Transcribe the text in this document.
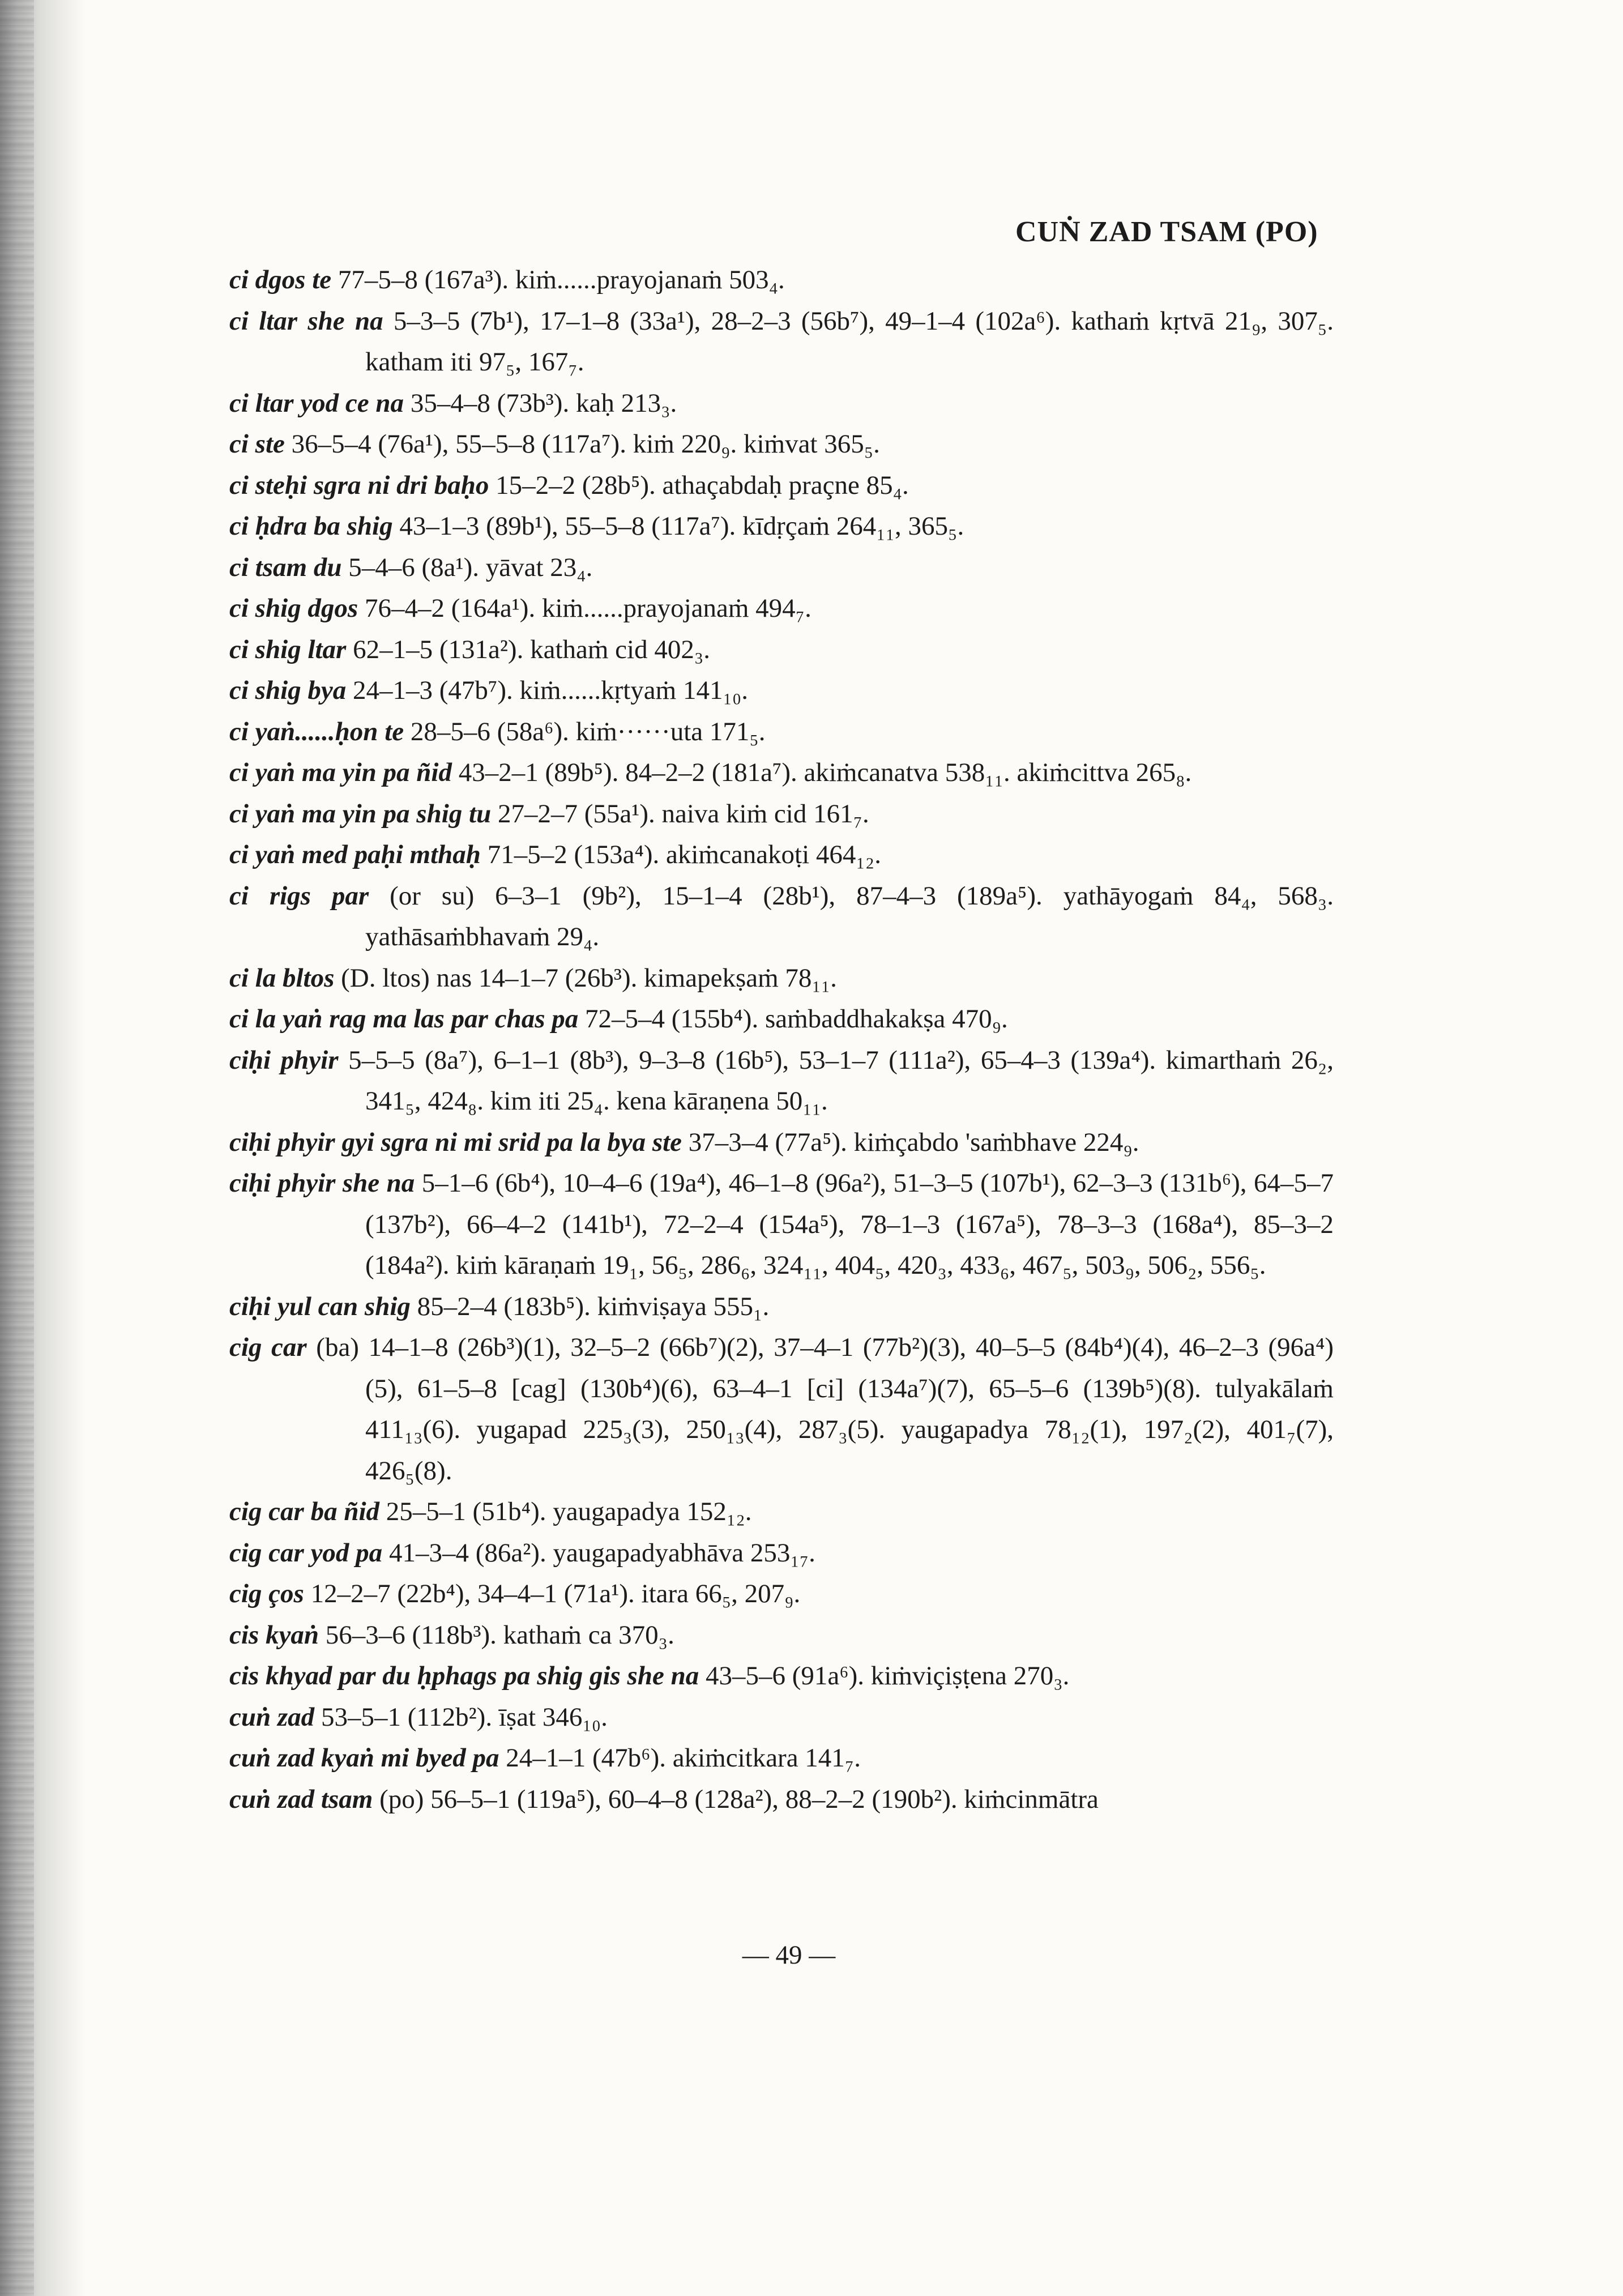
CUṄ ZAD TSAM (PO)

ci dgos te 77–5–8 (167a³). kiṁ......prayojanaṁ 503₄.

ci ltar she na 5–3–5 (7b¹), 17–1–8 (33a¹), 28–2–3 (56b⁷), 49–1–4 (102a⁶). kathaṁ kṛtvā 21₉, 307₅. katham iti 97₅, 167₇.

ci ltar yod ce na 35–4–8 (73b³). kaḥ 213₃.

ci ste 36–5–4 (76a¹), 55–5–8 (117a⁷). kiṁ 220₉. kiṁvat 365₅.

ci steḥi sgra ni dri baḥo 15–2–2 (28b⁵). athaçabdaḥ praçne 85₄.

ci ḥdra ba shig 43–1–3 (89b¹), 55–5–8 (117a⁷). kīdṛçaṁ 264₁₁, 365₅.

ci tsam du 5–4–6 (8a¹). yāvat 23₄.

ci shig dgos 76–4–2 (164a¹). kiṁ......prayojanaṁ 494₇.

ci shig ltar 62–1–5 (131a²). kathaṁ cid 402₃.

ci shig bya 24–1–3 (47b⁷). kiṁ......kṛtyaṁ 141₁₀.

ci yaṅ......ḥon te 28–5–6 (58a⁶). kiṁ······uta 171₅.

ci yaṅ ma yin pa ñid 43–2–1 (89b⁵). 84–2–2 (181a⁷). akiṁcanatva 538₁₁. akiṁcittva 265₈.

ci yaṅ ma yin pa shig tu 27–2–7 (55a¹). naiva kiṁ cid 161₇.

ci yaṅ med paḥi mthaḥ 71–5–2 (153a⁴). akiṁcanakoṭi 464₁₂.

ci rigs par (or su) 6–3–1 (9b²), 15–1–4 (28b¹), 87–4–3 (189a⁵). yathāyogaṁ 84₄, 568₃. yathāsaṁbhavaṁ 29₄.

ci la bltos (D. ltos) nas 14–1–7 (26b³). kimapekṣaṁ 78₁₁.

ci la yaṅ rag ma las par chas pa 72–5–4 (155b⁴). saṁbaddhakakṣa 470₉.

ciḥi phyir 5–5–5 (8a⁷), 6–1–1 (8b³), 9–3–8 (16b⁵), 53–1–7 (111a²), 65–4–3 (139a⁴). kimarthaṁ 26₂, 341₅, 424₈. kim iti 25₄. kena kāraṇena 50₁₁.

ciḥi phyir gyi sgra ni mi srid pa la bya ste 37–3–4 (77a⁵). kiṁçabdo 'saṁbhave 224₉.

ciḥi phyir she na 5–1–6 (6b⁴), 10–4–6 (19a⁴), 46–1–8 (96a²), 51–3–5 (107b¹), 62–3–3 (131b⁶), 64–5–7 (137b²), 66–4–2 (141b¹), 72–2–4 (154a⁵), 78–1–3 (167a⁵), 78–3–3 (168a⁴), 85–3–2 (184a²). kiṁ kāraṇaṁ 19₁, 56₅, 286₆, 324₁₁, 404₅, 420₃, 433₆, 467₅, 503₉, 506₂, 556₅.

ciḥi yul can shig 85–2–4 (183b⁵). kiṁviṣaya 555₁.

cig car (ba) 14–1–8 (26b³)(1), 32–5–2 (66b⁷)(2), 37–4–1 (77b²)(3), 40–5–5 (84b⁴)(4), 46–2–3 (96a⁴)(5), 61–5–8 [cag] (130b⁴)(6), 63–4–1 [ci] (134a⁷)(7), 65–5–6 (139b⁵)(8). tulyakālaṁ 411₁₃(6). yugapad 225₃(3), 250₁₃(4), 287₃(5). yaugapadya 78₁₂(1), 197₂(2), 401₇(7), 426₅(8).

cig car ba ñid 25–5–1 (51b⁴). yaugapadya 152₁₂.

cig car yod pa 41–3–4 (86a²). yaugapadyabhāva 253₁₇.

cig ços 12–2–7 (22b⁴), 34–4–1 (71a¹). itara 66₅, 207₉.

cis kyaṅ 56–3–6 (118b³). kathaṁ ca 370₃.

cis khyad par du ḥphags pa shig gis she na 43–5–6 (91a⁶). kiṁviçiṣṭena 270₃.

cuṅ zad 53–5–1 (112b²). īṣat 346₁₀.

cuṅ zad kyaṅ mi byed pa 24–1–1 (47b⁶). akiṁcitkara 141₇.

cuṅ zad tsam (po) 56–5–1 (119a⁵), 60–4–8 (128a²), 88–2–2 (190b²). kiṁcinmātra

— 49 —
